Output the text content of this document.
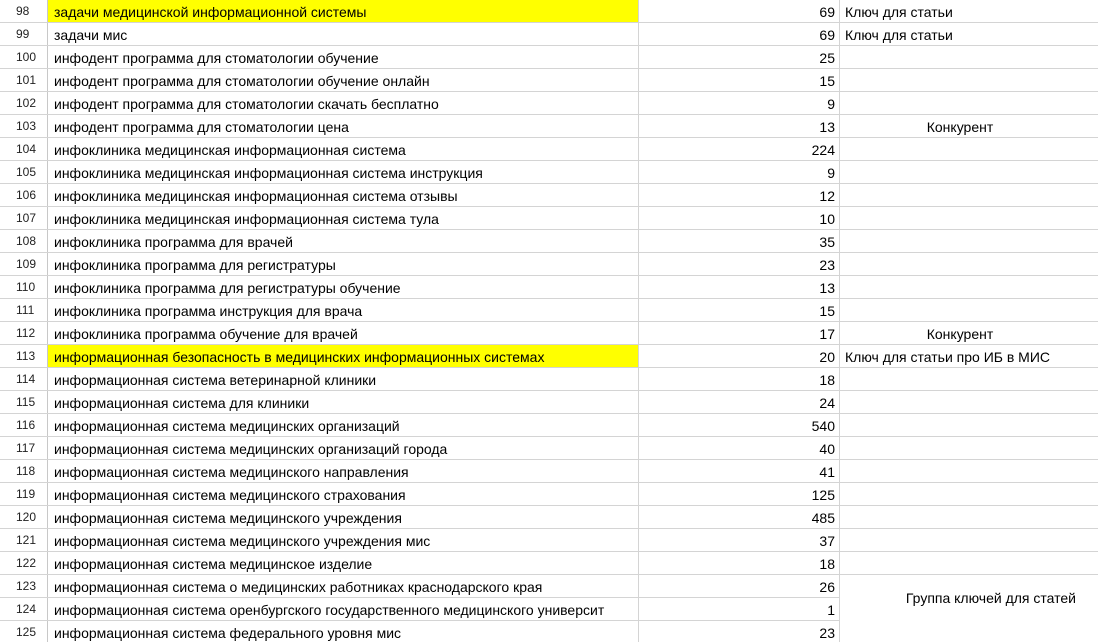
98	задачи медицинской информационной системы	69 Ключ для статьи
99	задачи мис	69 Ключ для статьи
100	инфодент программа для стоматологии обучение	25
101	инфодент программа для стоматологии обучение онлайн	15
102	инфодент программа для стоматологии скачать бесплатно	9
103	инфодент программа для стоматологии цена	13	Конкурент
104	инфоклиника медицинская информационная система	224
105	инфоклиника медицинская информационная система инструкция	9
106	инфоклиника медицинская информационная система отзывы	12
107	инфоклиника медицинская информационная система тула	10
108	инфоклиника программа для врачей	35
109	инфоклиника программа для регистратуры	23
110	инфоклиника программа для регистратуры обучение	13
111	инфоклиника программа инструкция для врача	15
112	инфоклиника программа обучение для врачей	17	Конкурент
113	информационная безопасность в медицинских информационных системах	20 Ключ для статьи про ИБ в МИС
114	информационная система ветеринарной клиники	18
115	информационная система для клиники	24
116	информационная система медицинских организаций	540
117	информационная система медицинских организаций города	40
118	информационная система медицинского направления	41
119	информационная система медицинского страхования	125
120	информационная система медицинского учреждения	485
121	информационная система медицинского учреждения мис	37
122	информационная система медицинское изделие	18
123	информационная система о медицинских работниках краснодарского края	26
124	информационная система оренбургского государственного медицинского университ	1
125	информационная система федерального уровня мис	23
Группа ключей для статей
